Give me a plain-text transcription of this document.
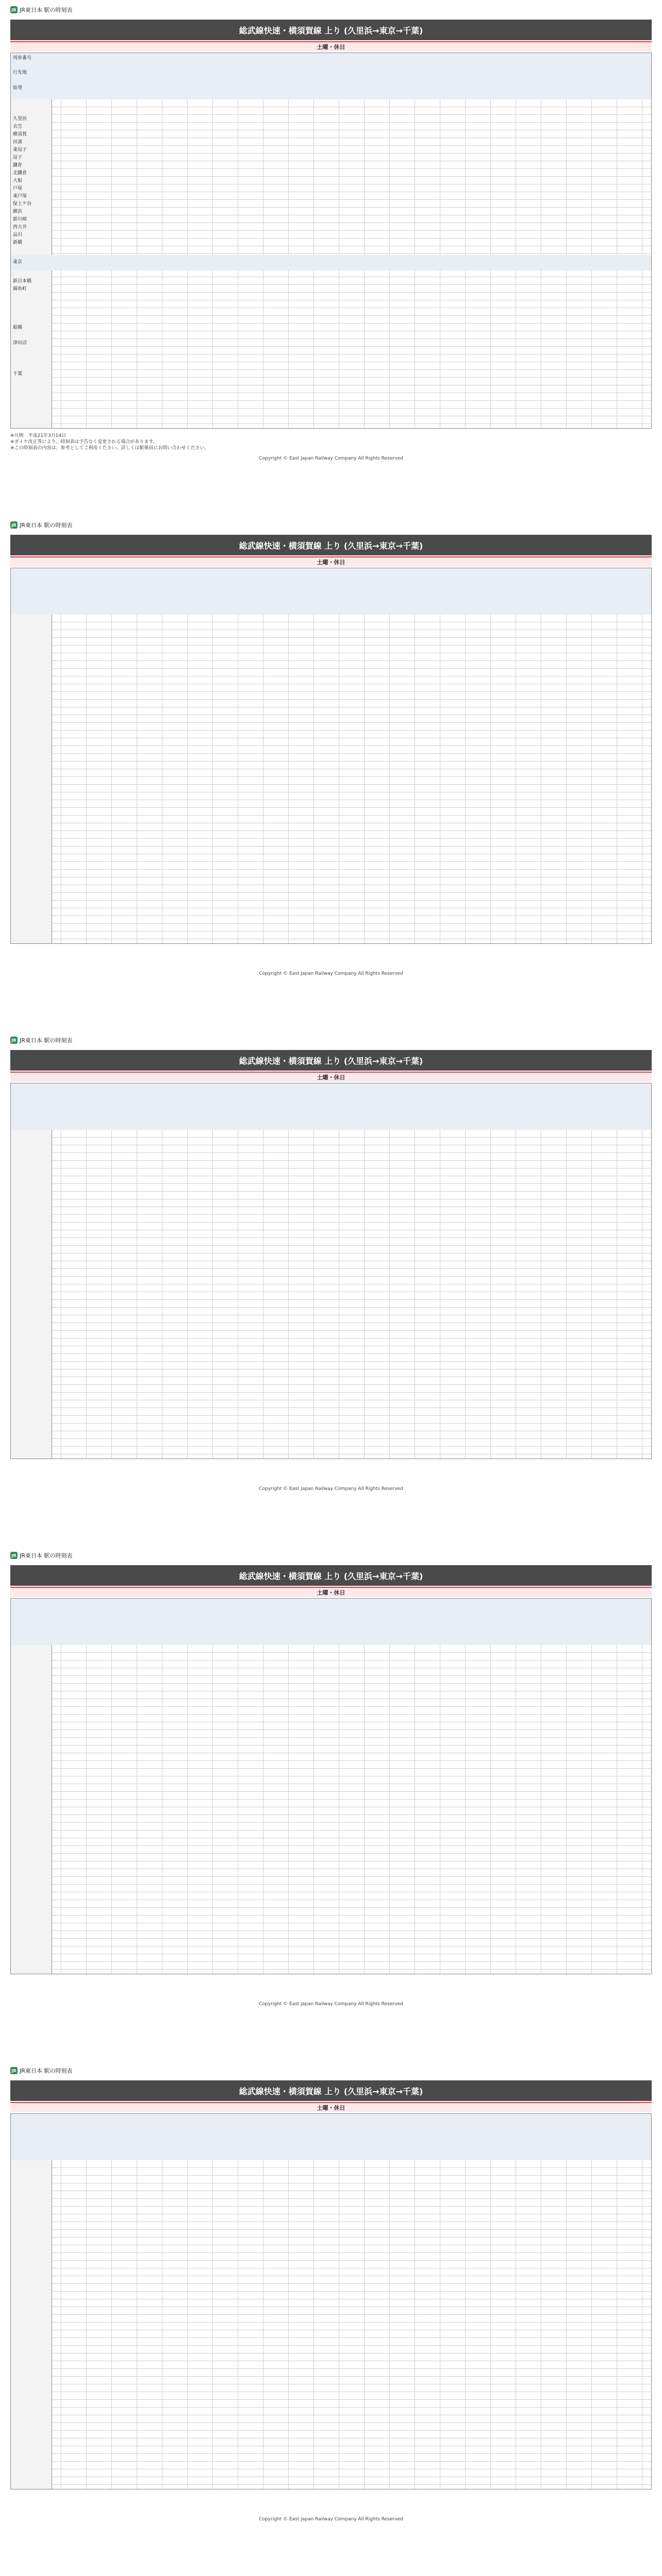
JR JR東日本 駅の時刻表
総武線快速・横須賀線 上り (久里浜→東京→千葉)
土曜・休日
列車番号
行先地
始発
久里浜
衣笠
横須賀
田浦
東逗子
逗子
鎌倉
北鎌倉
大船
戸塚
東戸塚
保土ケ谷
横浜
新川崎
西大井
品川
新橋
東京
新日本橋
錦糸町
船橋
津田沼
千葉
※凡例　平成21年3月14日
※ダイヤ改正等により、時刻表は予告なく変更される場合があります。
※この時刻表の内容は、参考としてご利用ください。詳しくは駅係員にお問い合わせください。
Copyright © East Japan Railway Company All Rights Reserved
JR JR東日本 駅の時刻表
総武線快速・横須賀線 上り (久里浜→東京→千葉)
土曜・休日
Copyright © East Japan Railway Company All Rights Reserved
JR JR東日本 駅の時刻表
総武線快速・横須賀線 上り (久里浜→東京→千葉)
土曜・休日
Copyright © East Japan Railway Company All Rights Reserved
JR JR東日本 駅の時刻表
総武線快速・横須賀線 上り (久里浜→東京→千葉)
土曜・休日
Copyright © East Japan Railway Company All Rights Reserved
JR JR東日本 駅の時刻表
総武線快速・横須賀線 上り (久里浜→東京→千葉)
土曜・休日
Copyright © East Japan Railway Company All Rights Reserved
